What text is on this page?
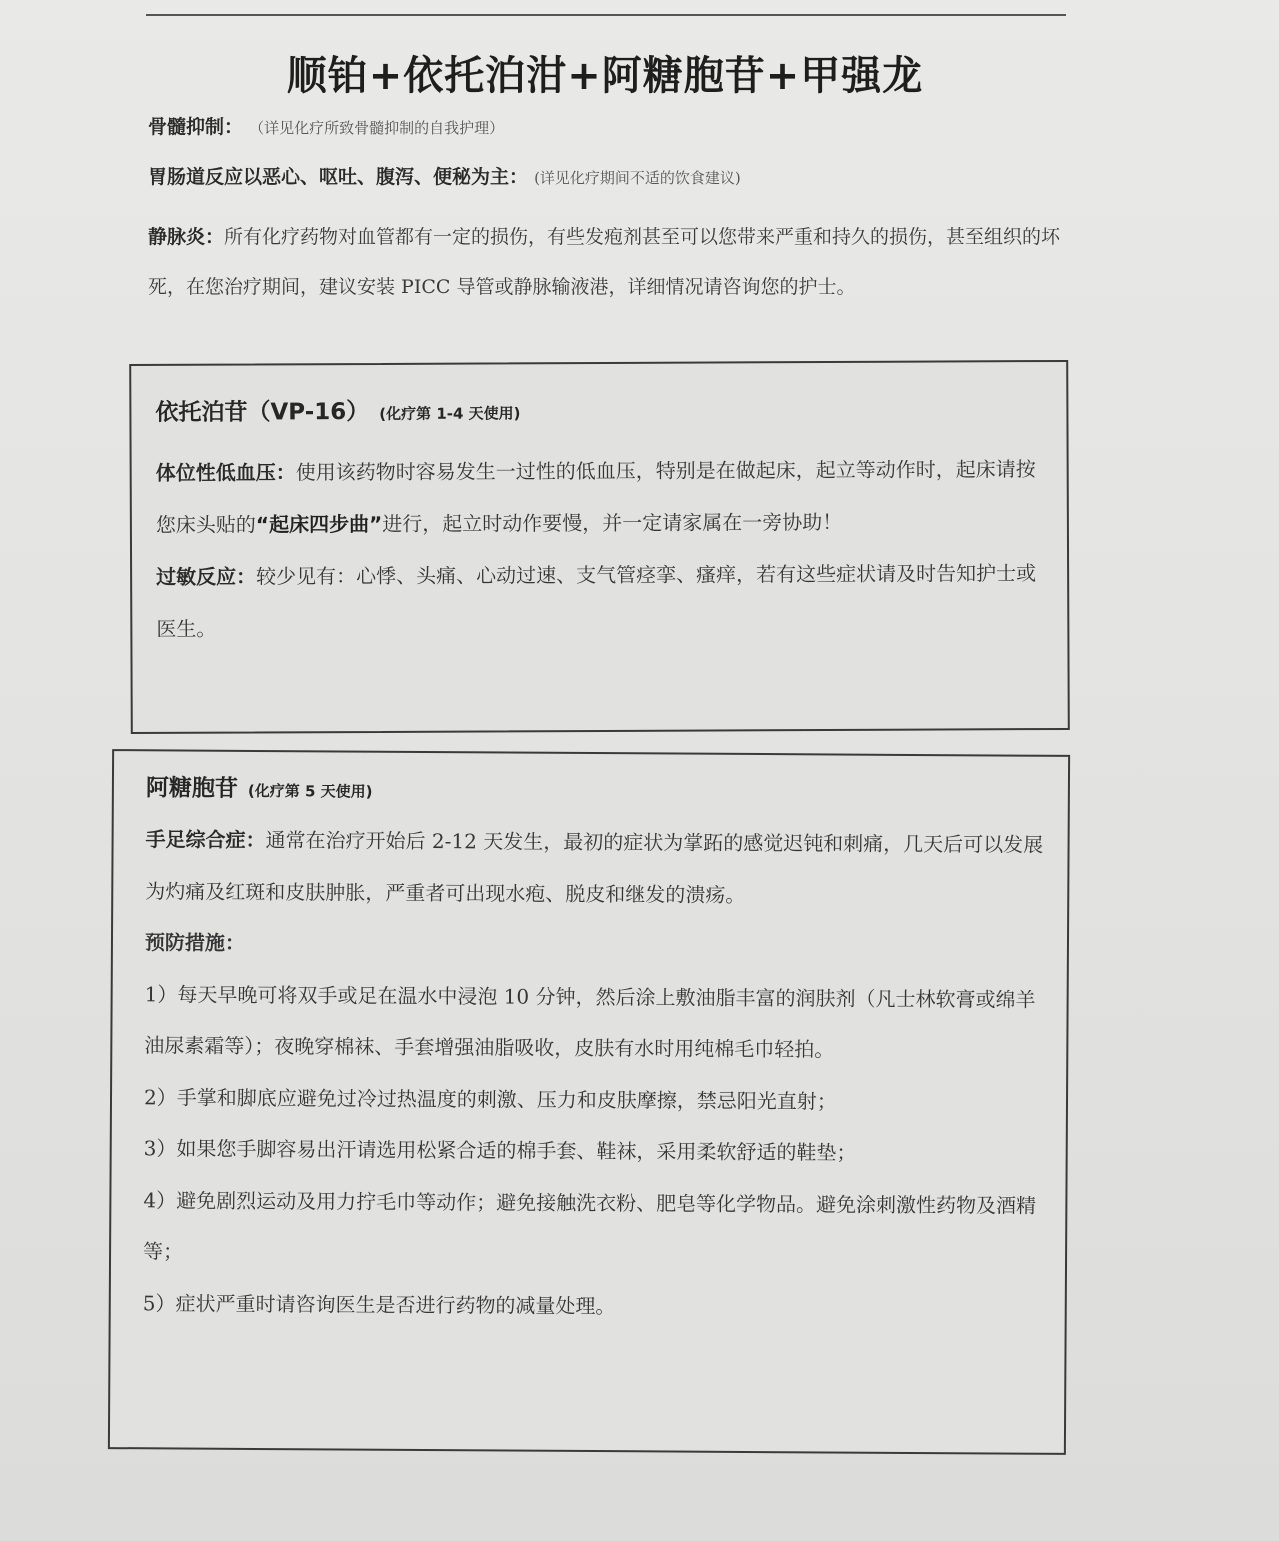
顺铂+依托泊泔+阿糖胞苷+甲强龙

骨髓抑制： （详见化疗所致骨髓抑制的自我护理）

胃肠道反应以恶心、呕吐、腹泻、便秘为主： (详见化疗期间不适的饮食建议)

静脉炎：所有化疗药物对血管都有一定的损伤，有些发疱剂甚至可以您带来严重和持久的损伤，甚至组织的坏死，在您治疗期间，建议安装 PICC 导管或静脉输液港，详细情况请咨询您的护士。

依托泊苷（VP-16） (化疗第 1-4 天使用)

体位性低血压：使用该药物时容易发生一过性的低血压，特别是在做起床，起立等动作时，起床请按您床头贴的“起床四步曲”进行，起立时动作要慢，并一定请家属在一旁协助！

过敏反应：较少见有：心悸、头痛、心动过速、支气管痉挛、瘙痒，若有这些症状请及时告知护士或医生。

阿糖胞苷 (化疗第 5 天使用)

手足综合症：通常在治疗开始后 2-12 天发生，最初的症状为掌跖的感觉迟钝和刺痛，几天后可以发展为灼痛及红斑和皮肤肿胀，严重者可出现水疱、脱皮和继发的溃疡。

预防措施：

1）每天早晚可将双手或足在温水中浸泡 10 分钟，然后涂上敷油脂丰富的润肤剂（凡士林软膏或绵羊油尿素霜等）；夜晚穿棉袜、手套增强油脂吸收，皮肤有水时用纯棉毛巾轻拍。

2）手掌和脚底应避免过冷过热温度的刺激、压力和皮肤摩擦，禁忌阳光直射；

3）如果您手脚容易出汗请选用松紧合适的棉手套、鞋袜，采用柔软舒适的鞋垫；

4）避免剧烈运动及用力拧毛巾等动作；避免接触洗衣粉、肥皂等化学物品。避免涂刺激性药物及酒精等；

5）症状严重时请咨询医生是否进行药物的减量处理。
